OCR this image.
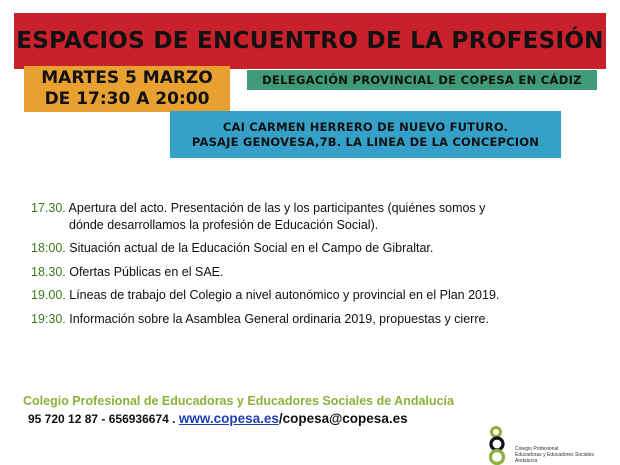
ESPACIOS DE ENCUENTRO DE LA PROFESIÓN
MARTES 5 MARZO
DE 17:30 A 20:00
DELEGACIÓN PROVINCIAL DE COPESA EN CÁDIZ
CAI CARMEN HERRERO DE NUEVO FUTURO.
PASAJE GENOVESA,7B. LA LINEA DE LA CONCEPCION
17.30. Apertura del acto. Presentación de las y los participantes (quiénes somos y
dónde desarrollamos la profesión de Educación Social).
18:00. Situación actual de la Educación Social en el Campo de Gibraltar.
18.30. Ofertas Públicas en el SAE.
19.00. Líneas de trabajo del Colegio a nivel autonómico y provincial en el Plan 2019.
19:30. Información sobre la Asamblea General ordinaria 2019, propuestas y cierre.
Colegio Profesional de Educadoras y Educadores Sociales de Andalucía
95 720 12 87 - 656936674 . www.copesa.es/copesa@copesa.es
Colegio Profesional
Educadoras y Educadores Sociales
Andalucía
